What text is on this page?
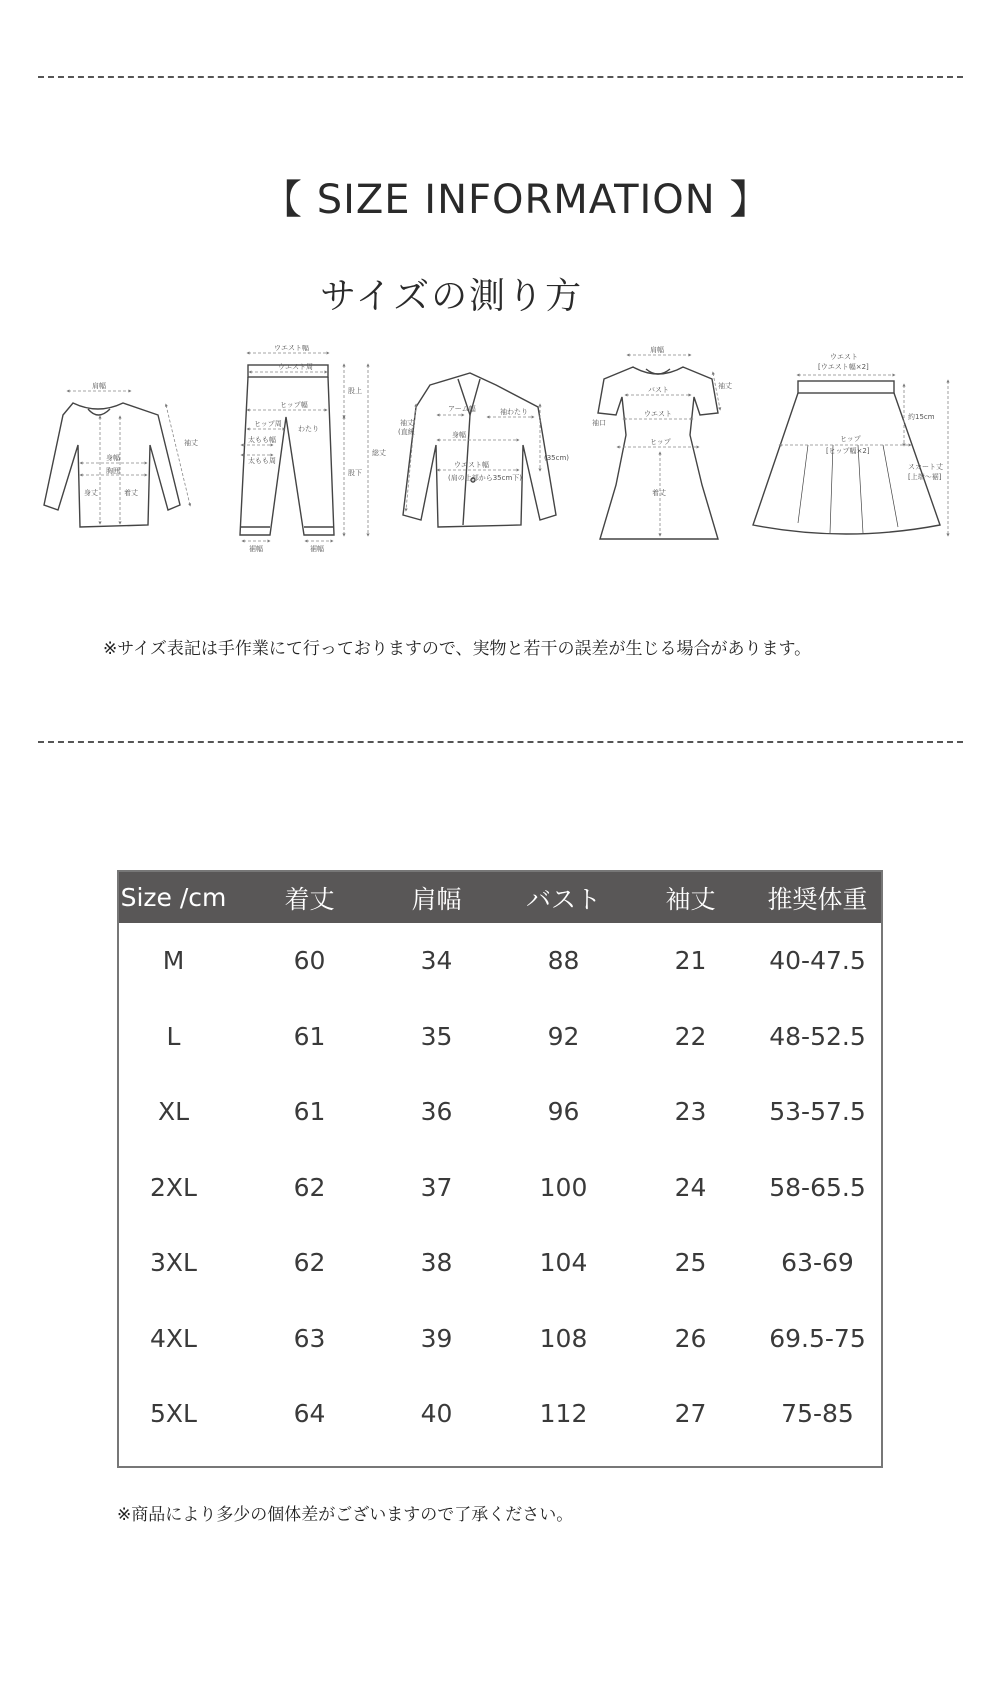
【 SIZE INFORMATION 】
サイズの測り方
肩幅
身幅
胸囲
身丈	着丈
袖丈
ウエスト幅
ウエスト周
ヒップ幅
ヒップ周
太もも幅
太もも周
わたり
股上
総丈
股下
裾幅	裾幅
袖丈
(直線
アーム幅	袖わたり
身幅
ウエスト幅
(肩の上部から35cm下)
(35cm)
肩幅
袖丈
袖口
バスト
ウエスト
ヒップ
着丈
ウエスト
[ウエスト幅×2]
約15cm
ヒップ
[ヒップ幅×2]
スカート丈
[上端～裾]
※サイズ表記は手作業にて行っておりますので、実物と若干の誤差が生じる場合があります。
Size /cm	着丈	肩幅	バスト	袖丈	推奨体重
M	60	34	88	21	40-47.5
L	61	35	92	22	48-52.5
XL	61	36	96	23	53-57.5
2XL	62	37	100	24	58-65.5
3XL	62	38	104	25	63-69
4XL	63	39	108	26	69.5-75
5XL	64	40	112	27	75-85
※商品により多少の個体差がございますので了承ください。
